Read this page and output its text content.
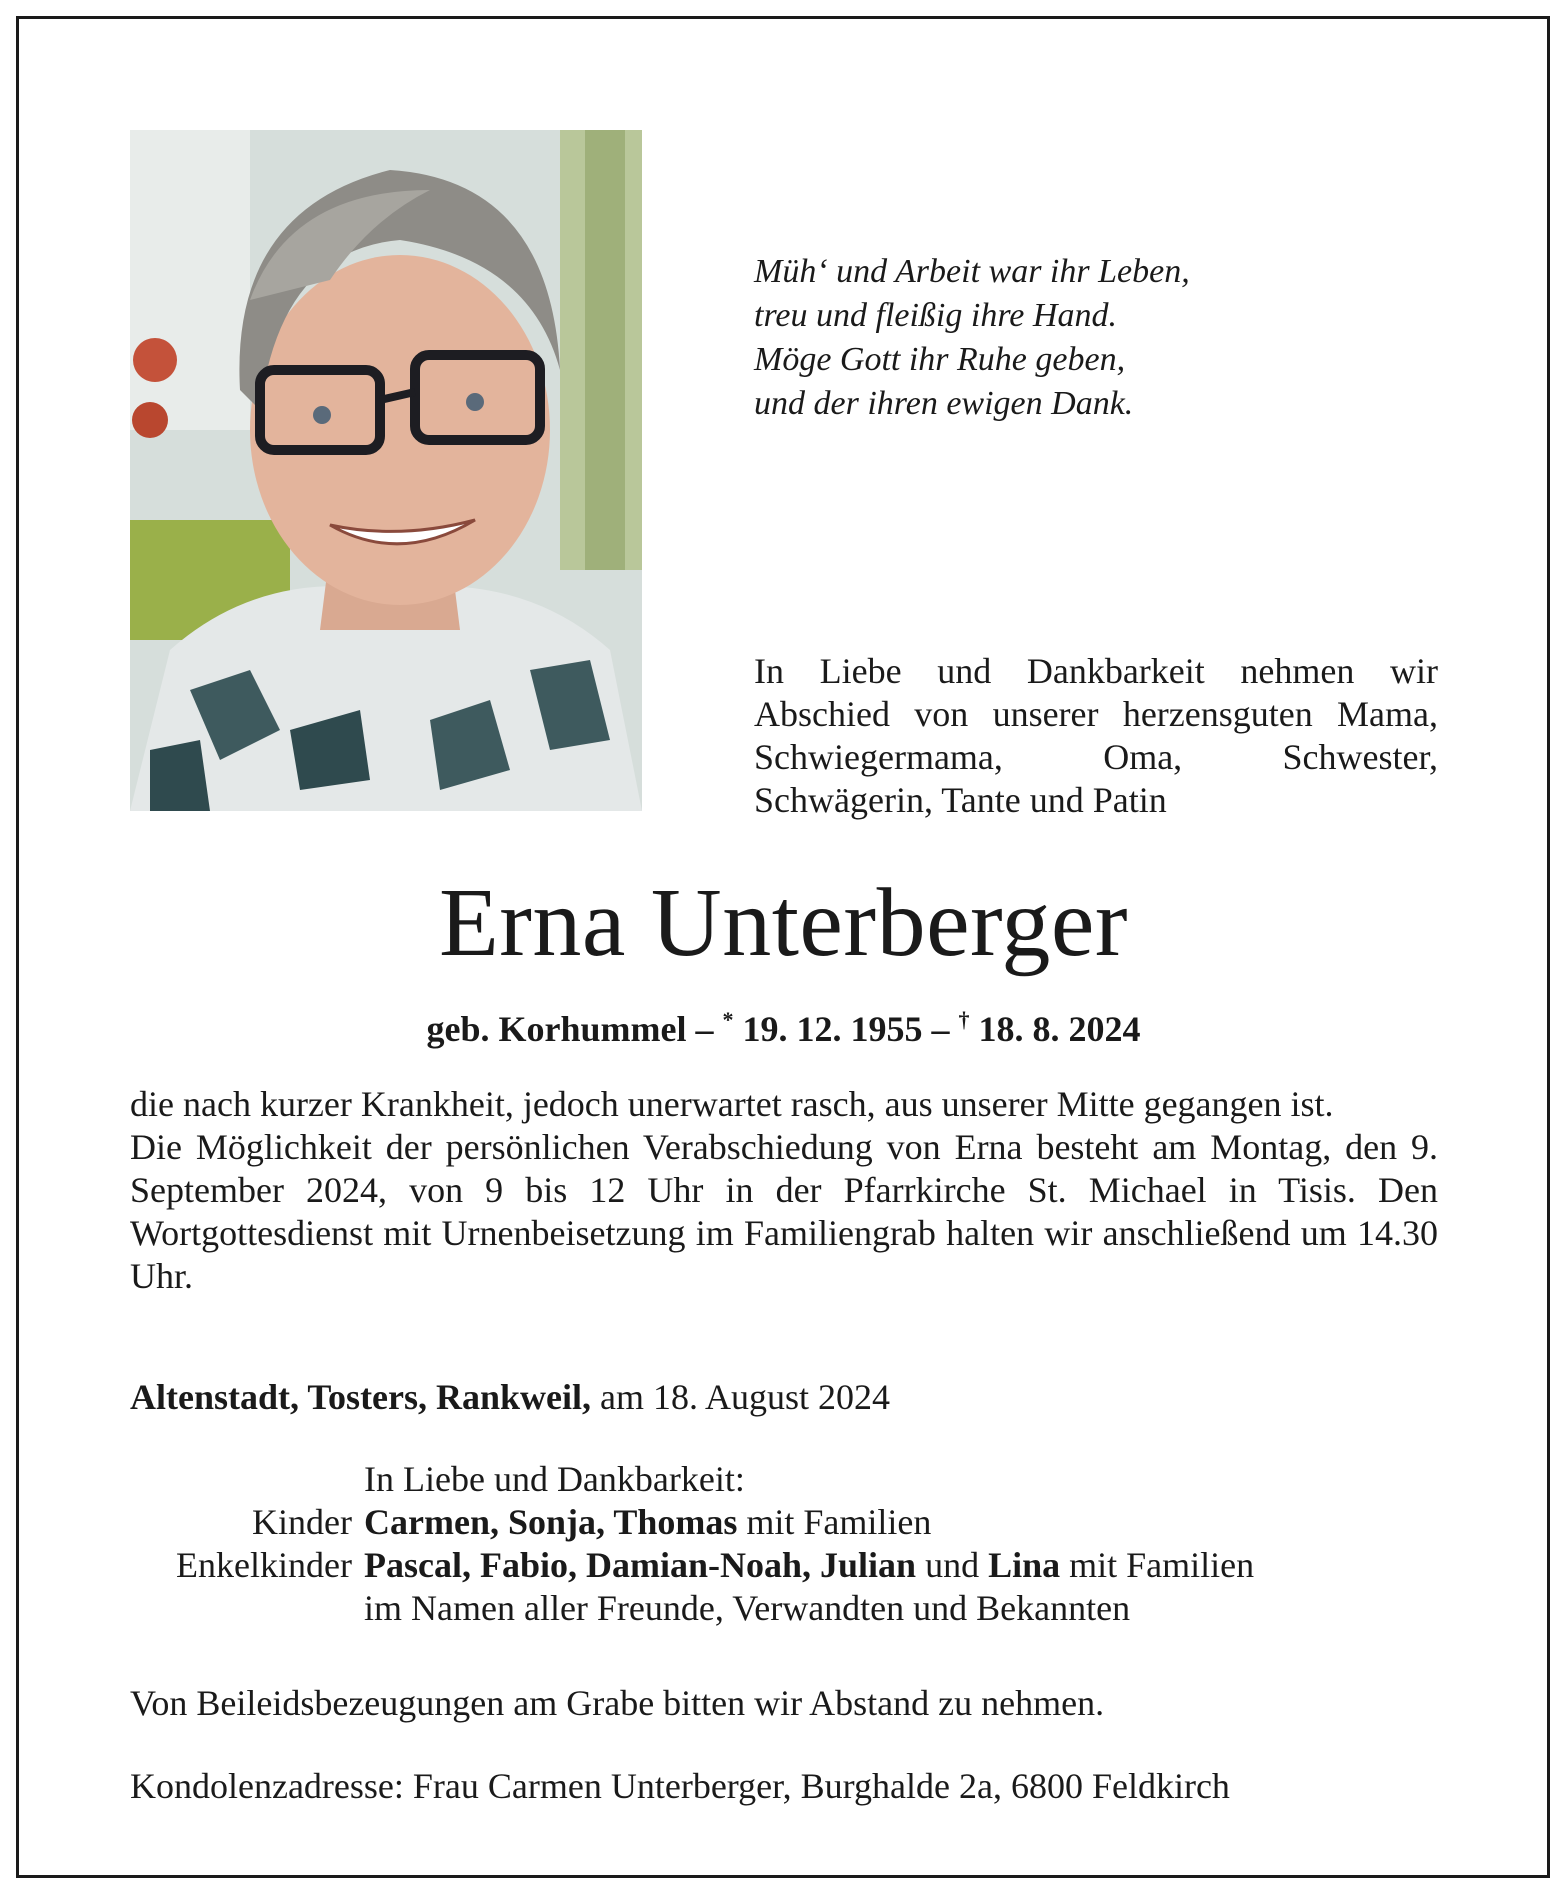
Müh‘ und Arbeit war ihr Leben,
treu und fleißig ihre Hand.
Möge Gott ihr Ruhe geben,
und der ihren ewigen Dank.
In Liebe und Dankbarkeit nehmen wir Abschied von unserer herzensguten Mama, Schwiegermama, Oma, Schwester, Schwägerin, Tante und Patin
Erna Unterberger
geb. Korhummel – * 19. 12. 1955 – † 18. 8. 2024

die nach kurzer Krankheit, jedoch unerwartet rasch, aus unserer Mitte gegangen ist.

Die Möglichkeit der persönlichen Verabschiedung von Erna besteht am Montag, den 9. September 2024, von 9 bis 12 Uhr in der Pfarrkirche St. Michael in Tisis. Den Wortgottesdienst mit Urnenbeisetzung im Familiengrab halten wir anschließend um 14.30 Uhr.

Altenstadt, Tosters, Rankweil, am 18. August 2024
In Liebe und Dankbarkeit:
Kinder Carmen, Sonja, Thomas mit Familien
Enkelkinder Pascal, Fabio, Damian-Noah, Julian und Lina mit Familien
im Namen aller Freunde, Verwandten und Bekannten
Von Beileidsbezeugungen am Grabe bitten wir Abstand zu nehmen.
Kondolenzadresse: Frau Carmen Unterberger, Burghalde 2a, 6800 Feldkirch
